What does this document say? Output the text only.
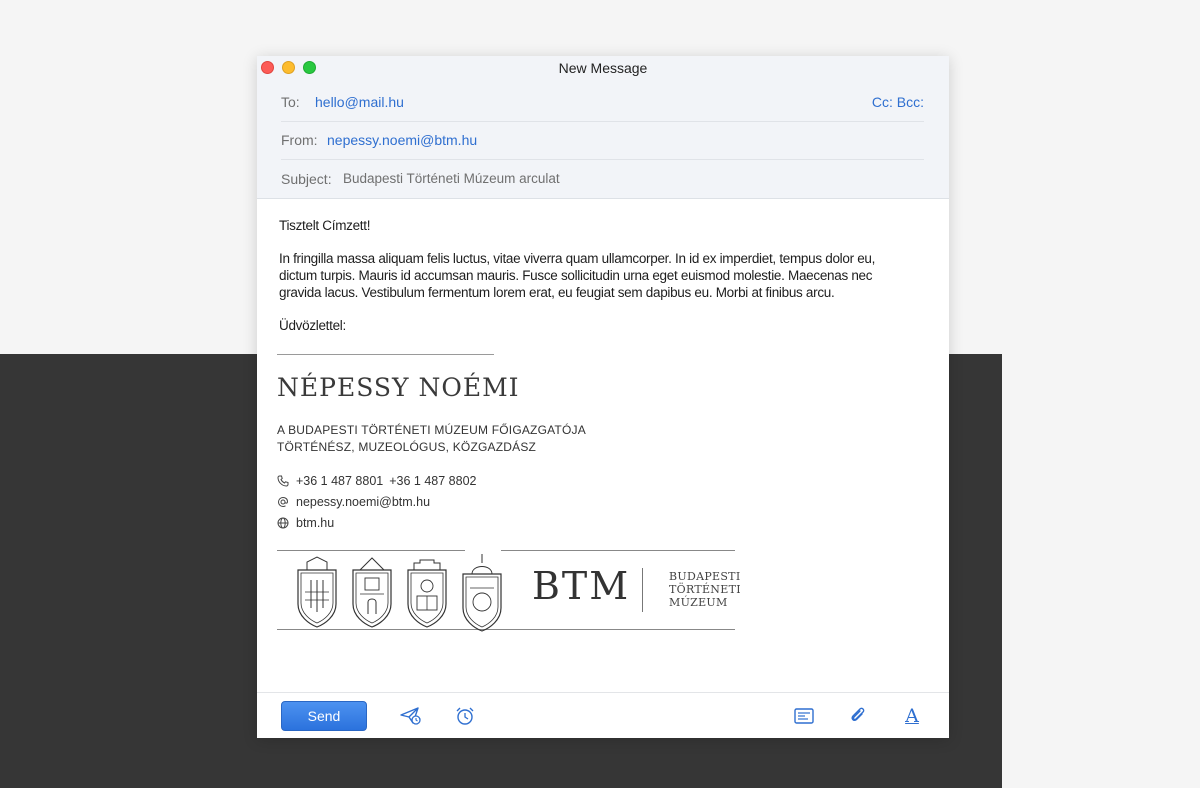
New Message
To: hello@mail.hu	Cc: Bcc:
From: nepessy.noemi@btm.hu
Subject: Budapesti Történeti Múzeum arculat
Tisztelt Címzett!
In fringilla massa aliquam felis luctus, vitae viverra quam ullamcorper. In id ex imperdiet, tempus dolor eu, dictum turpis. Mauris id accumsan mauris. Fusce sollicitudin urna eget euismod molestie. Maecenas nec gravida lacus. Vestibulum fermentum lorem erat, eu feugiat sem dapibus eu. Morbi at finibus arcu.
Üdvözlettel:
NÉPESSY NOÉMI
A BUDAPESTI TÖRTÉNETI MÚZEUM FŐIGAZGATÓJA
TÖRTÉNÉSZ, MUZEOLÓGUS, KÖZGAZDÁSZ
+36 1 487 8801 +36 1 487 8802
nepessy.noemi@btm.hu
btm.hu
BTM	BUDAPESTI
TÖRTÉNETI
MÚZEUM
Send	A
